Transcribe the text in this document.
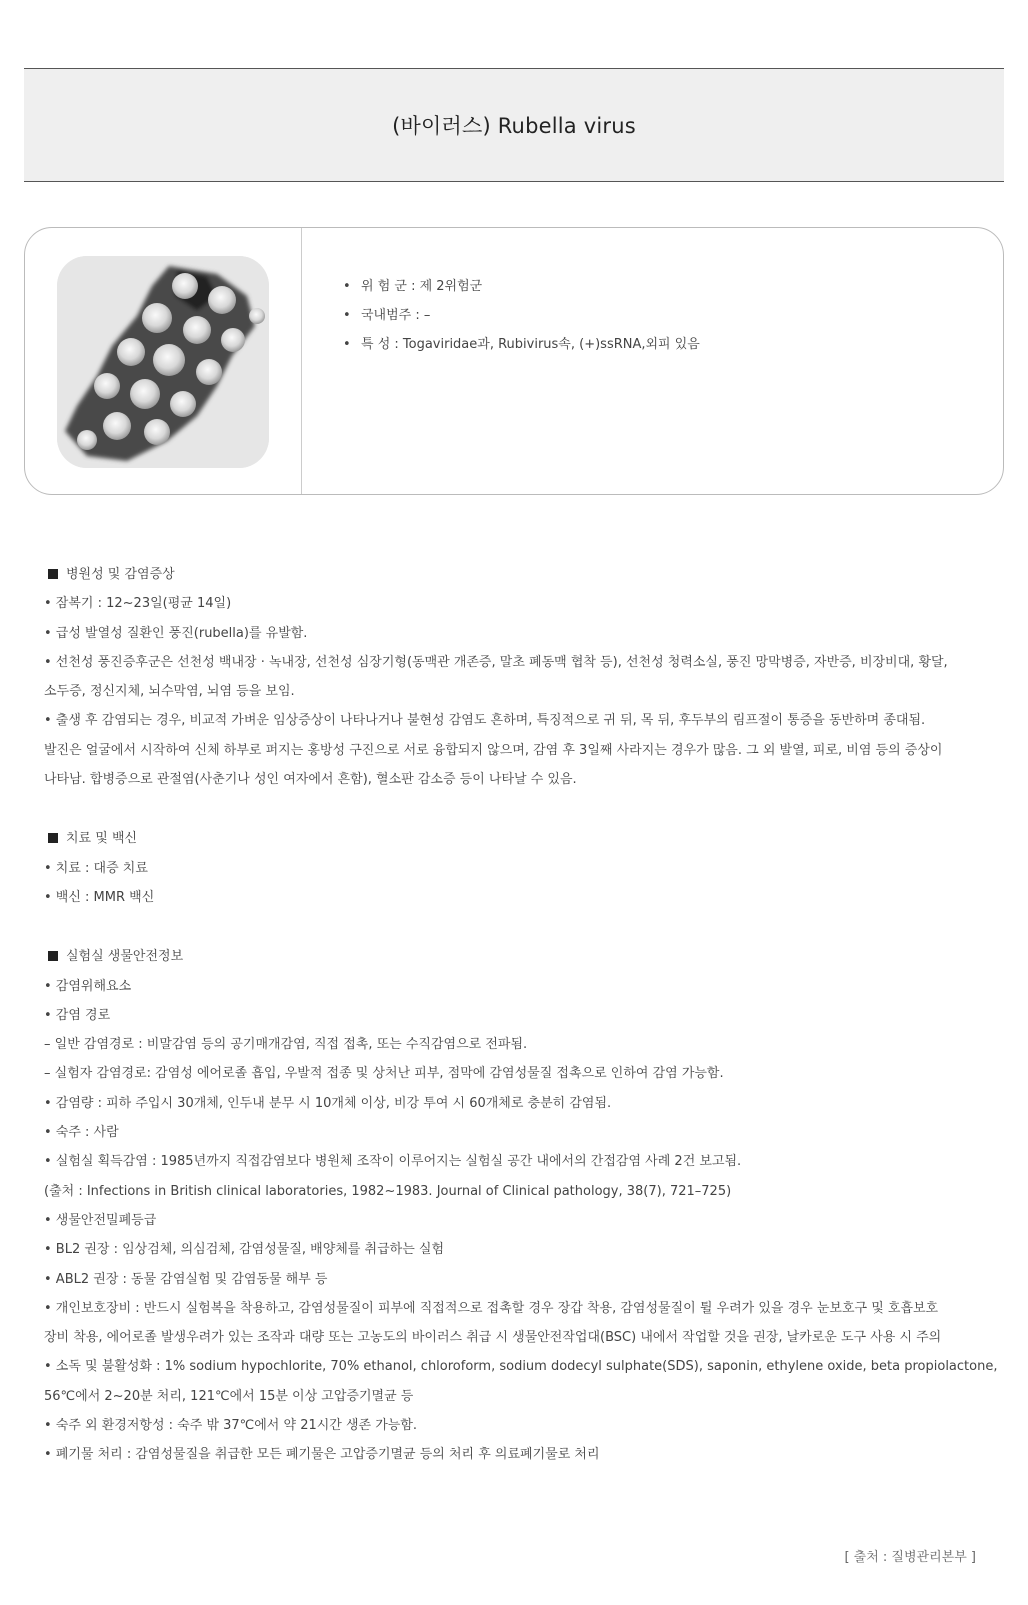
(바이러스) Rubella virus
• 위 험 군 : 제 2위험군
• 국내범주 : –
• 특 성 : Togaviridae과, Rubivirus속, (+)ssRNA,외피 있음
병원성 및 감염증상
• 잠복기 : 12~23일(평균 14일)
• 급성 발열성 질환인 풍진(rubella)를 유발함.
• 선천성 풍진증후군은 선천성 백내장 · 녹내장, 선천성 심장기형(동맥관 개존증, 말초 폐동맥 협착 등), 선천성 청력소실, 풍진 망막병증, 자반증, 비장비대, 황달,
소두증, 정신지체, 뇌수막염, 뇌염 등을 보임.
• 출생 후 감염되는 경우, 비교적 가벼운 임상증상이 나타나거나 불현성 감염도 흔하며, 특징적으로 귀 뒤, 목 뒤, 후두부의 림프절이 통증을 동반하며 종대됨.
발진은 얼굴에서 시작하여 신체 하부로 퍼지는 홍방성 구진으로 서로 융합되지 않으며, 감염 후 3일째 사라지는 경우가 많음. 그 외 발열, 피로, 비염 등의 증상이
나타남. 합병증으로 관절염(사춘기나 성인 여자에서 흔함), 혈소판 감소증 등이 나타날 수 있음.
치료 및 백신
• 치료 : 대증 치료
• 백신 : MMR 백신
실험실 생물안전정보
• 감염위해요소
• 감염 경로
– 일반 감염경로 : 비말감염 등의 공기매개감염, 직접 접촉, 또는 수직감염으로 전파됨.
– 실험자 감염경로: 감염성 에어로졸 흡입, 우발적 접종 및 상처난 피부, 점막에 감염성물질 접촉으로 인하여 감염 가능함.
• 감염량 : 피하 주입시 30개체, 인두내 분무 시 10개체 이상, 비강 투여 시 60개체로 충분히 감염됨.
• 숙주 : 사람
• 실험실 획득감염 : 1985년까지 직접감염보다 병원체 조작이 이루어지는 실험실 공간 내에서의 간접감염 사례 2건 보고됨.
(출처 : Infections in British clinical laboratories, 1982~1983. Journal of Clinical pathology, 38(7), 721–725)
• 생물안전밀폐등급
• BL2 권장 : 임상검체, 의심검체, 감염성물질, 배양체를 취급하는 실험
• ABL2 권장 : 동물 감염실험 및 감염동물 해부 등
• 개인보호장비 : 반드시 실험복을 착용하고, 감염성물질이 피부에 직접적으로 접촉할 경우 장갑 착용, 감염성물질이 튈 우려가 있을 경우 눈보호구 및 호흡보호
장비 착용, 에어로졸 발생우려가 있는 조작과 대량 또는 고농도의 바이러스 취급 시 생물안전작업대(BSC) 내에서 작업할 것을 권장, 날카로운 도구 사용 시 주의
• 소독 및 불활성화 : 1% sodium hypochlorite, 70% ethanol, chloroform, sodium dodecyl sulphate(SDS), saponin, ethylene oxide, beta propiolactone,
56℃에서 2~20분 처리, 121℃에서 15분 이상 고압증기멸균 등
• 숙주 외 환경저항성 : 숙주 밖 37℃에서 약 21시간 생존 가능함.
• 폐기물 처리 : 감염성물질을 취급한 모든 폐기물은 고압증기멸균 등의 처리 후 의료폐기물로 처리
[ 출처 : 질병관리본부 ]
